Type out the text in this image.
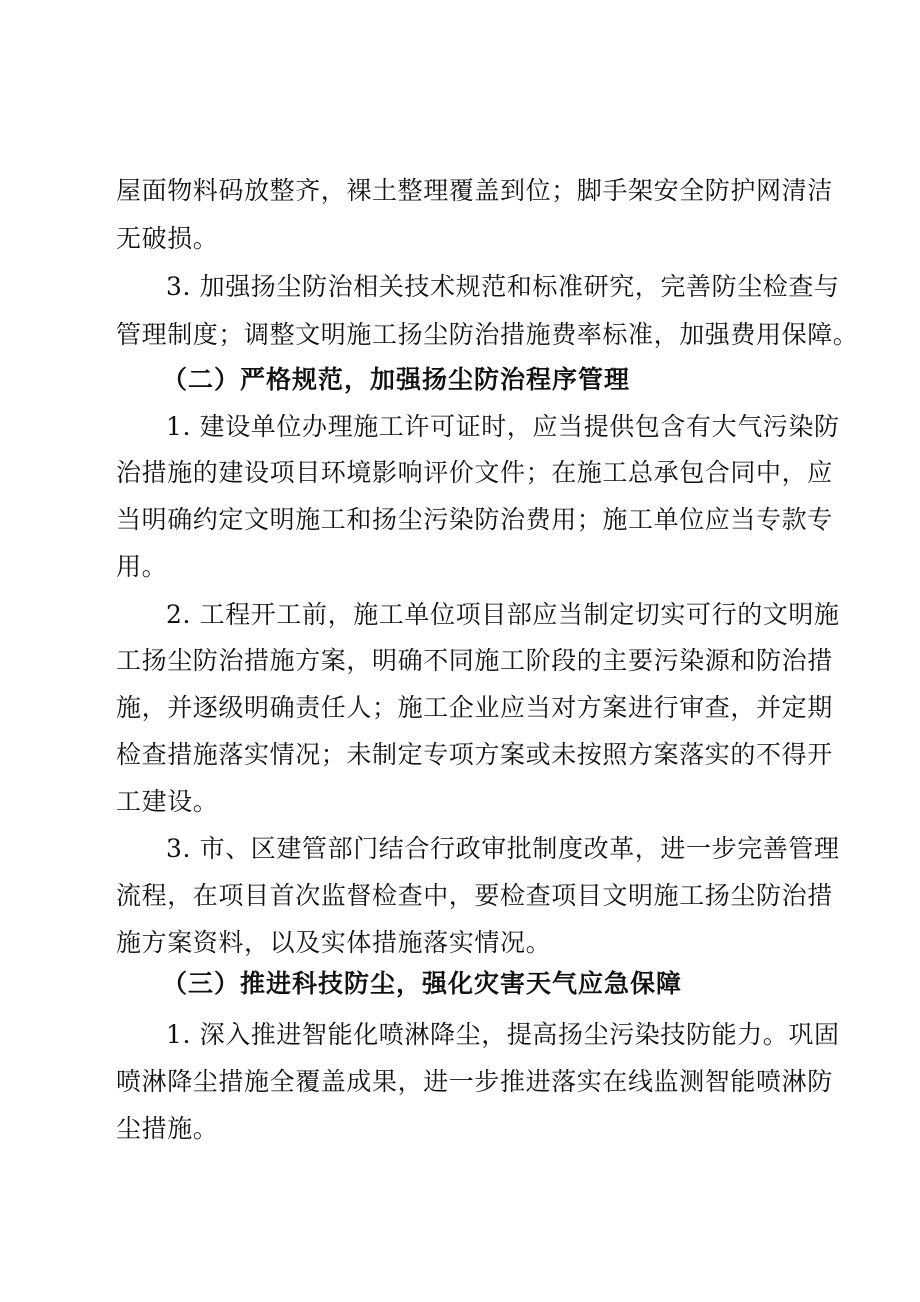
屋面物料码放整齐，裸土整理覆盖到位；脚手架安全防护网清洁
无破损。
3. 加强扬尘防治相关技术规范和标准研究，完善防尘检查与
管理制度；调整文明施工扬尘防治措施费率标准，加强费用保障。
（二）严格规范，加强扬尘防治程序管理
1. 建设单位办理施工许可证时，应当提供包含有大气污染防
治措施的建设项目环境影响评价文件；在施工总承包合同中，应
当明确约定文明施工和扬尘污染防治费用；施工单位应当专款专
用。
2. 工程开工前，施工单位项目部应当制定切实可行的文明施
工扬尘防治措施方案，明确不同施工阶段的主要污染源和防治措
施，并逐级明确责任人；施工企业应当对方案进行审查，并定期
检查措施落实情况；未制定专项方案或未按照方案落实的不得开
工建设。
3. 市、区建管部门结合行政审批制度改革，进一步完善管理
流程，在项目首次监督检查中，要检查项目文明施工扬尘防治措
施方案资料，以及实体措施落实情况。
（三）推进科技防尘，强化灾害天气应急保障
1. 深入推进智能化喷淋降尘，提高扬尘污染技防能力。巩固
喷淋降尘措施全覆盖成果，进一步推进落实在线监测智能喷淋防
尘措施。
